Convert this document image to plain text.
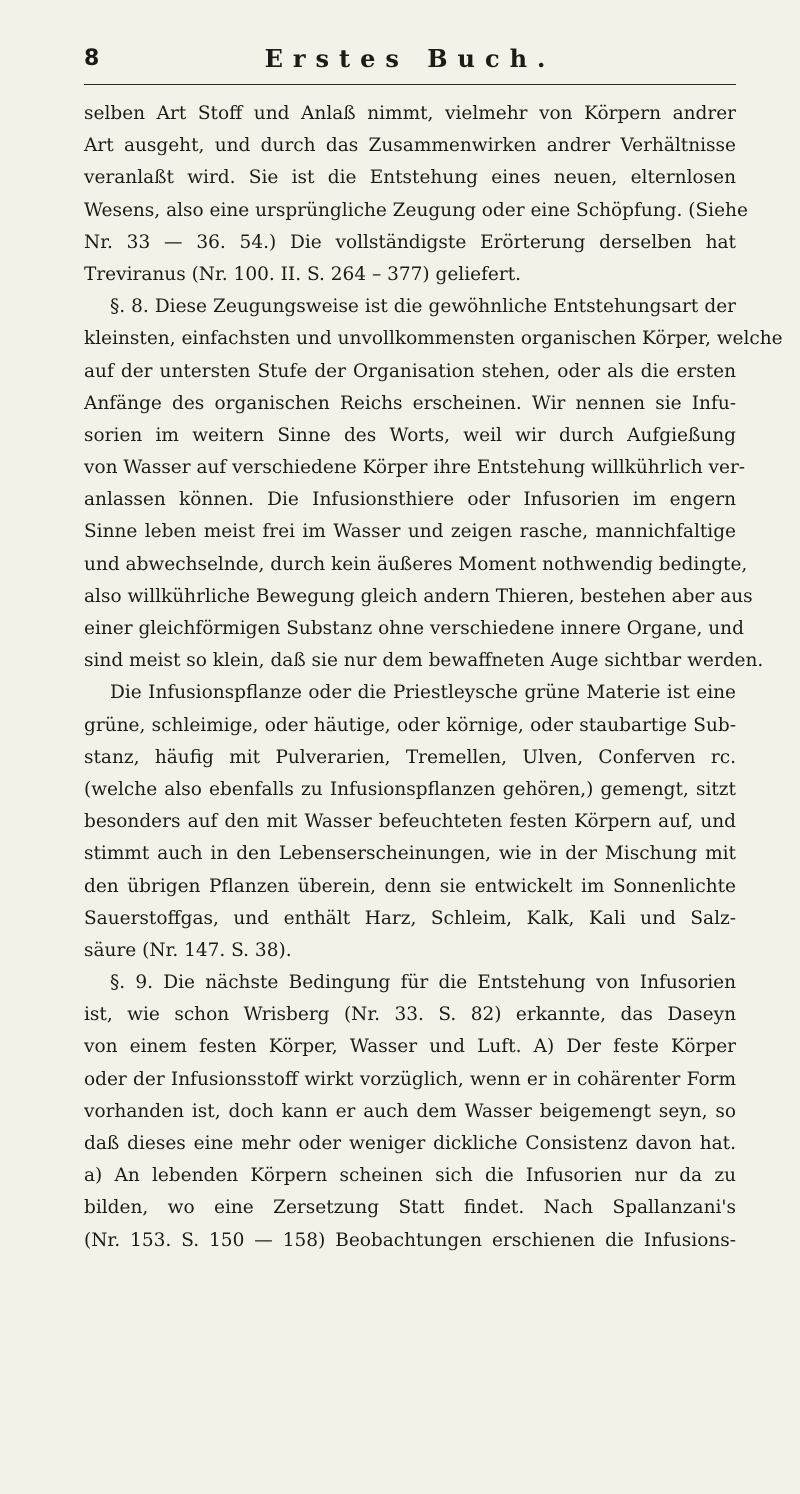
8	Erstes Buch.
selben Art Stoff und Anlaß nimmt, vielmehr von Körpern andrer
Art ausgeht, und durch das Zusammenwirken andrer Verhältnisse
veranlaßt wird. Sie ist die Entstehung eines neuen, elternlosen
Wesens, also eine ursprüngliche Zeugung oder eine Schöpfung. (Siehe
Nr. 33 — 36. 54.) Die vollständigste Erörterung derselben hat
Treviranus (Nr. 100. II. S. 264 – 377) geliefert.
§. 8. Diese Zeugungsweise ist die gewöhnliche Entstehungsart der
kleinsten, einfachsten und unvollkommensten organischen Körper, welche
auf der untersten Stufe der Organisation stehen, oder als die ersten
Anfänge des organischen Reichs erscheinen. Wir nennen sie Infu-
sorien im weitern Sinne des Worts, weil wir durch Aufgießung
von Wasser auf verschiedene Körper ihre Entstehung willkührlich ver-
anlassen können. Die Infusionsthiere oder Infusorien im engern
Sinne leben meist frei im Wasser und zeigen rasche, mannichfaltige
und abwechselnde, durch kein äußeres Moment nothwendig bedingte,
also willkührliche Bewegung gleich andern Thieren, bestehen aber aus
einer gleichförmigen Substanz ohne verschiedene innere Organe, und
sind meist so klein, daß sie nur dem bewaffneten Auge sichtbar werden.
Die Infusionspflanze oder die Priestleysche grüne Materie ist eine
grüne, schleimige, oder häutige, oder körnige, oder staubartige Sub-
stanz, häufig mit Pulverarien, Tremellen, Ulven, Conferven rc.
(welche also ebenfalls zu Infusionspflanzen gehören,) gemengt, sitzt
besonders auf den mit Wasser befeuchteten festen Körpern auf, und
stimmt auch in den Lebenserscheinungen, wie in der Mischung mit
den übrigen Pflanzen überein, denn sie entwickelt im Sonnenlichte
Sauerstoffgas, und enthält Harz, Schleim, Kalk, Kali und Salz-
säure (Nr. 147. S. 38).
§. 9. Die nächste Bedingung für die Entstehung von Infusorien
ist, wie schon Wrisberg (Nr. 33. S. 82) erkannte, das Daseyn
von einem festen Körper, Wasser und Luft. A) Der feste Körper
oder der Infusionsstoff wirkt vorzüglich, wenn er in cohärenter Form
vorhanden ist, doch kann er auch dem Wasser beigemengt seyn, so
daß dieses eine mehr oder weniger dickliche Consistenz davon hat.
a) An lebenden Körpern scheinen sich die Infusorien nur da zu
bilden, wo eine Zersetzung Statt findet. Nach Spallanzani's
(Nr. 153. S. 150 — 158) Beobachtungen erschienen die Infusions-
